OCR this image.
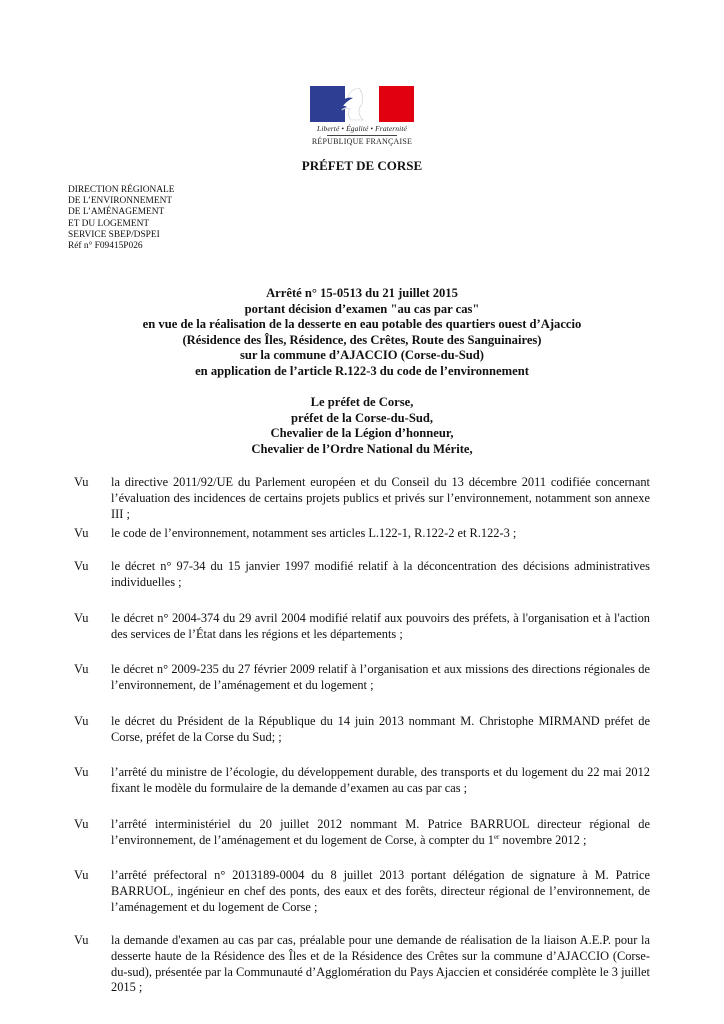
Liberté • Égalité • Fraternité
RÉPUBLIQUE FRANÇAISE
PRÉFET DE CORSE
DIRECTION RÉGIONALE
DE L’ENVIRONNEMENT
DE L’AMÉNAGEMENT
ET DU LOGEMENT
SERVICE SBEP/DSPEI
Réf n° F09415P026
Arrêté n° 15-0513 du 21 juillet 2015
portant décision d’examen "au cas par cas"
en vue de la réalisation de la desserte en eau potable des quartiers ouest d’Ajaccio
(Résidence des Îles, Résidence, des Crêtes, Route des Sanguinaires)
sur la commune d’AJACCIO (Corse-du-Sud)
en application de l’article R.122-3 du code de l’environnement
Le préfet de Corse,
préfet de la Corse-du-Sud,
Chevalier de la Légion d’honneur,
Chevalier de l’Ordre National du Mérite,
Vu la directive 2011/92/UE du Parlement européen et du Conseil du 13 décembre 2011 codifiée concernant l’évaluation des incidences de certains projets publics et privés sur l’environnement, notamment son annexe III ;
Vu le code de l’environnement, notamment ses articles L.122-1, R.122-2 et R.122-3 ;
Vu le décret n° 97-34 du 15 janvier 1997 modifié relatif à la déconcentration des décisions administratives individuelles ;
Vu le décret n° 2004-374 du 29 avril 2004 modifié relatif aux pouvoirs des préfets, à l'organisation et à l'action des services de l’État dans les régions et les départements ;
Vu le décret n° 2009-235 du 27 février 2009 relatif à l’organisation et aux missions des directions régionales de l’environnement, de l’aménagement et du logement ;
Vu le décret du Président de la République du 14 juin 2013 nommant M. Christophe MIRMAND préfet de Corse, préfet de la Corse du Sud; ;
Vu l’arrêté du ministre de l’écologie, du développement durable, des transports et du logement du 22 mai 2012 fixant le modèle du formulaire de la demande d’examen au cas par cas ;
Vu l’arrêté interministériel du 20 juillet 2012 nommant M. Patrice BARRUOL directeur régional de l’environnement, de l’aménagement et du logement de Corse, à compter du 1er novembre 2012 ;
Vu l’arrêté préfectoral n° 2013189-0004 du 8 juillet 2013 portant délégation de signature à M. Patrice BARRUOL, ingénieur en chef des ponts, des eaux et des forêts, directeur régional de l’environnement, de l’aménagement et du logement de Corse ;
Vu la demande d'examen au cas par cas, préalable pour une demande de réalisation de la liaison A.E.P. pour la desserte haute de la Résidence des Îles et de la Résidence des Crêtes sur la commune d’AJACCIO (Corse-du-sud), présentée par la Communauté d’Agglomération du Pays Ajaccien et considérée complète le 3 juillet 2015 ;
